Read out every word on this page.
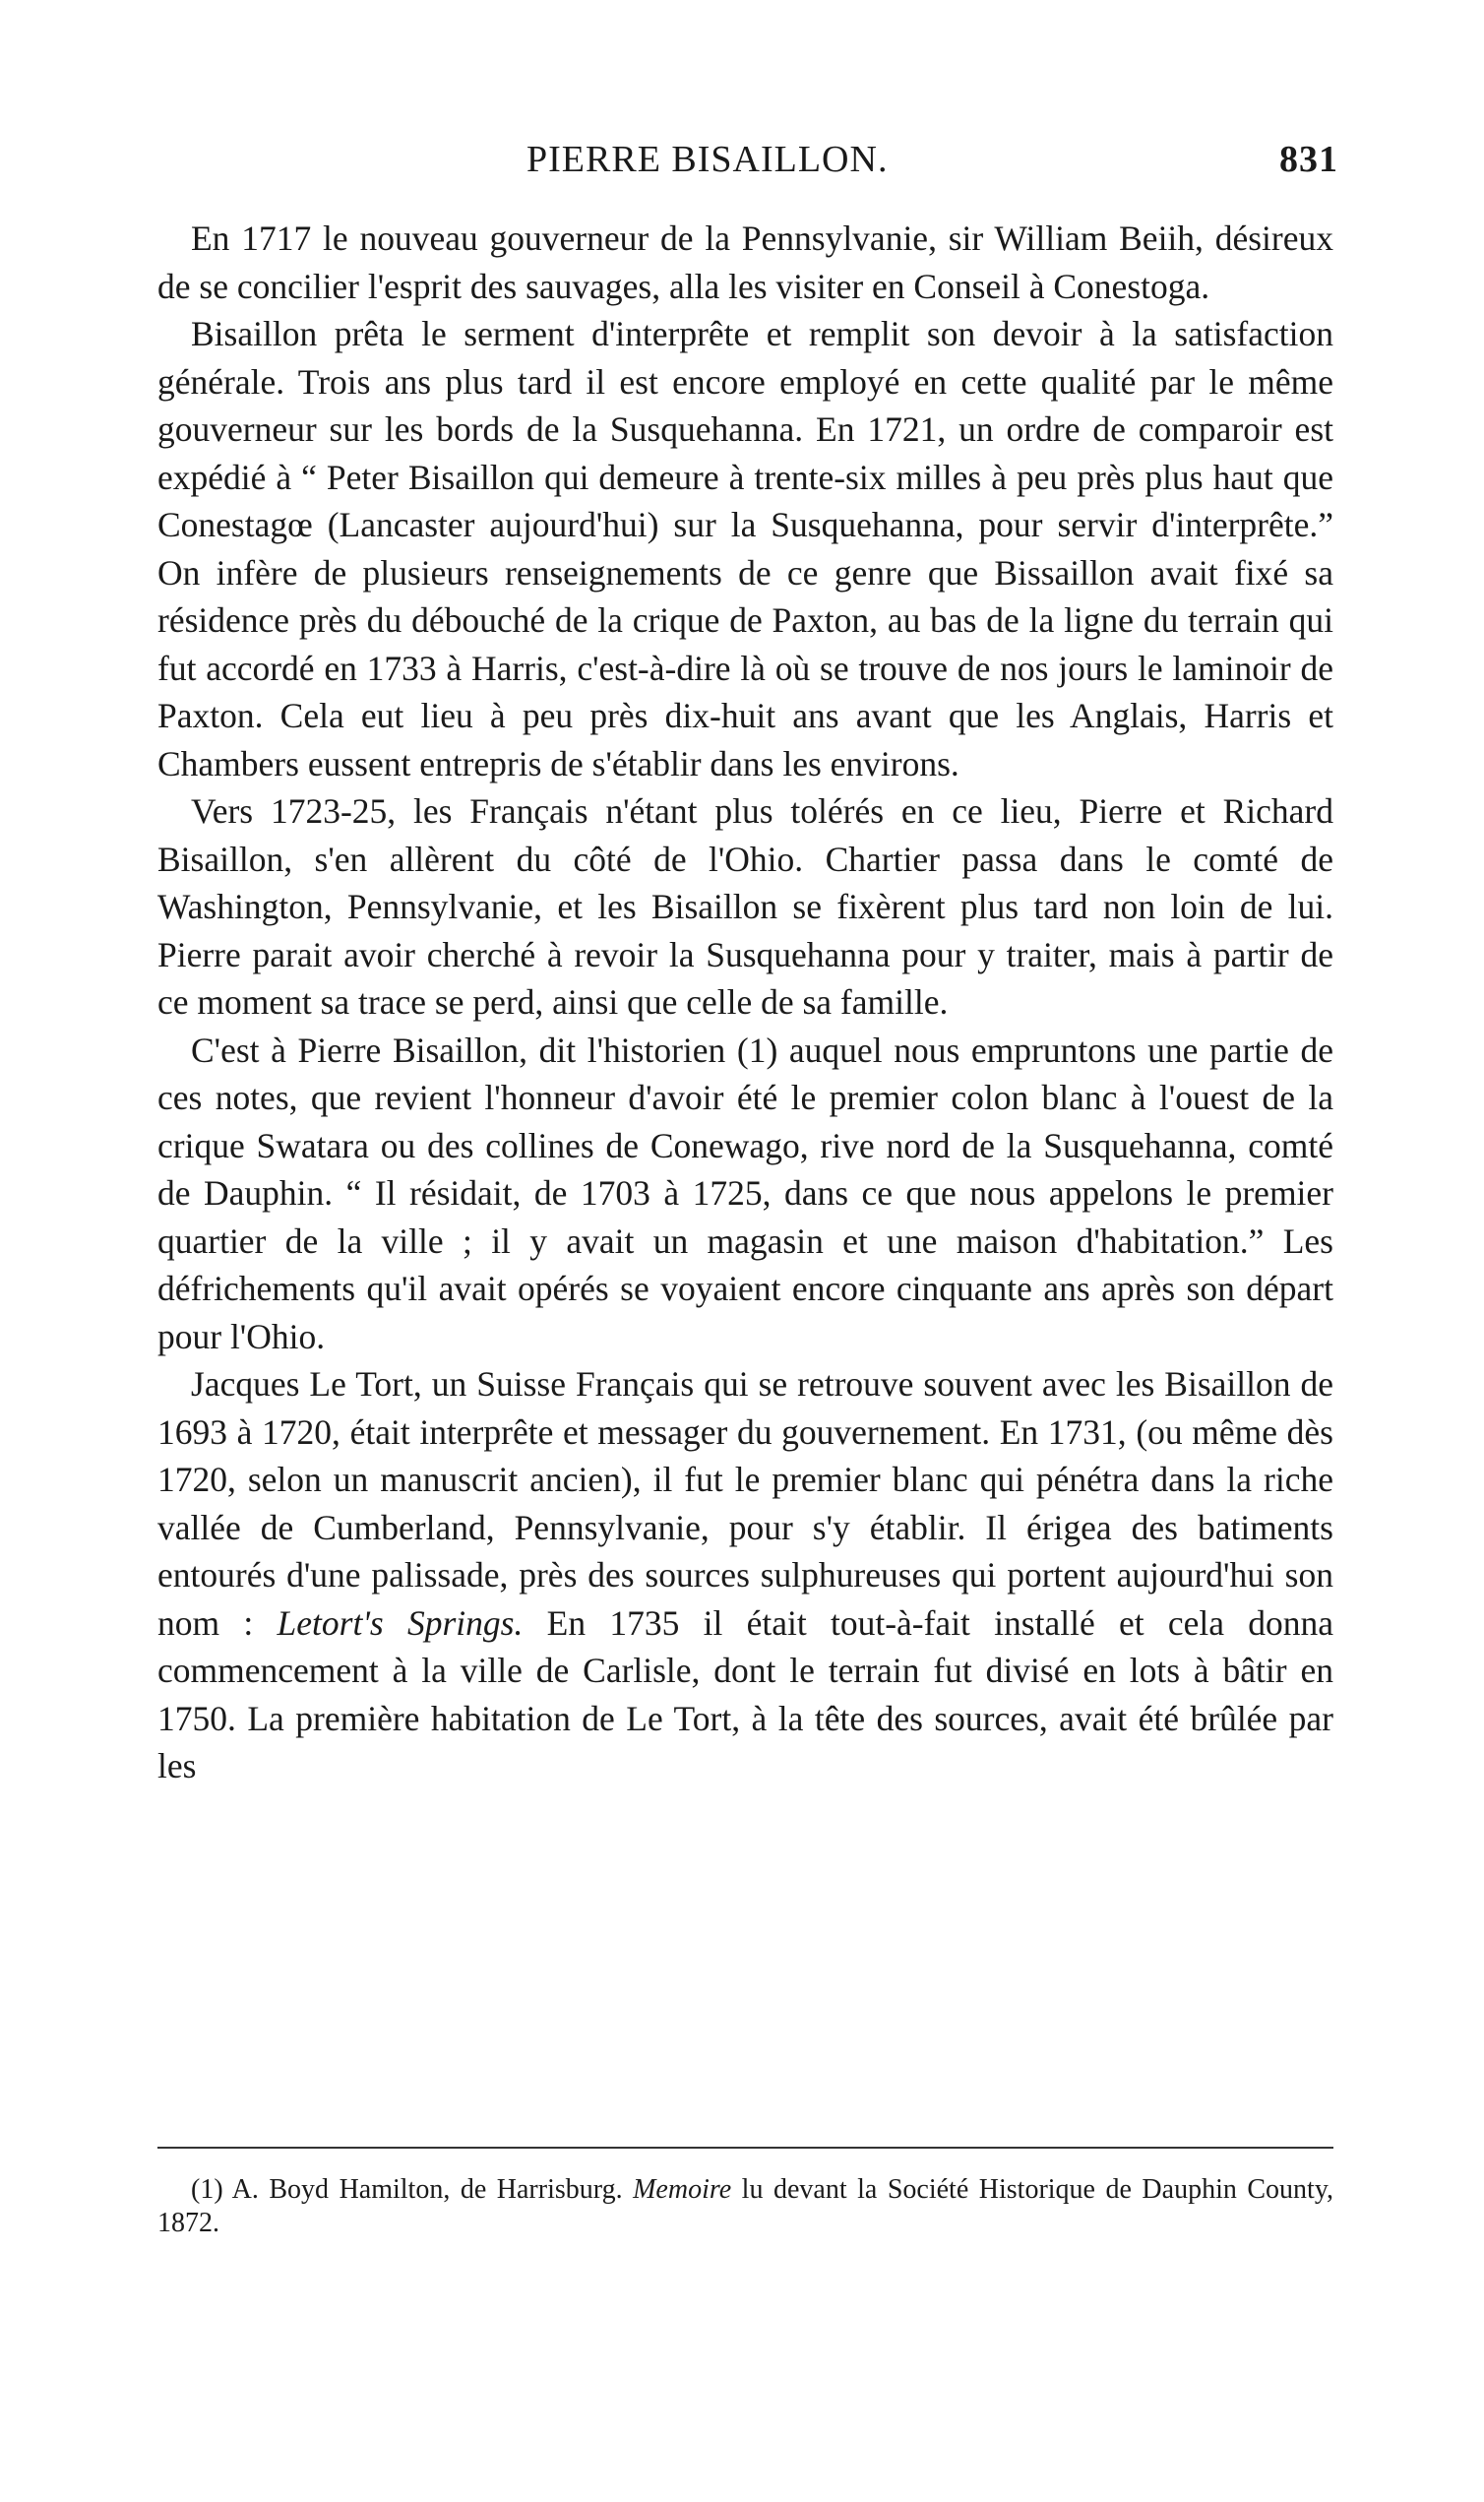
PIERRE BISAILLON.	831

En 1717 le nouveau gouverneur de la Pennsylvanie, sir William Beiih, désireux de se concilier l'esprit des sauvages, alla les visiter en Conseil à Conestoga.

Bisaillon prêta le serment d'interprête et remplit son devoir à la satisfaction générale. Trois ans plus tard il est encore employé en cette qualité par le même gouverneur sur les bords de la Susquehanna. En 1721, un ordre de comparoir est expédié à “ Peter Bisaillon qui demeure à trente-six milles à peu près plus haut que Conestagœ (Lancaster aujourd'hui) sur la Susquehanna, pour servir d'interprête.” On infère de plusieurs renseignements de ce genre que Bissaillon avait fixé sa résidence près du débouché de la crique de Paxton, au bas de la ligne du terrain qui fut accordé en 1733 à Harris, c'est-à-dire là où se trouve de nos jours le laminoir de Paxton. Cela eut lieu à peu près dix-huit ans avant que les Anglais, Harris et Chambers eussent entrepris de s'établir dans les environs.

Vers 1723-25, les Français n'étant plus tolérés en ce lieu, Pierre et Richard Bisaillon, s'en allèrent du côté de l'Ohio. Chartier passa dans le comté de Washington, Pennsylvanie, et les Bisaillon se fixèrent plus tard non loin de lui. Pierre parait avoir cherché à revoir la Susquehanna pour y traiter, mais à partir de ce moment sa trace se perd, ainsi que celle de sa famille.

C'est à Pierre Bisaillon, dit l'historien (1) auquel nous empruntons une partie de ces notes, que revient l'honneur d'avoir été le premier colon blanc à l'ouest de la crique Swatara ou des collines de Conewago, rive nord de la Susquehanna, comté de Dauphin. “ Il résidait, de 1703 à 1725, dans ce que nous appelons le premier quartier de la ville ; il y avait un magasin et une maison d'habitation.” Les défrichements qu'il avait opérés se voyaient encore cinquante ans après son départ pour l'Ohio.

Jacques Le Tort, un Suisse Français qui se retrouve souvent avec les Bisaillon de 1693 à 1720, était interprête et messager du gouvernement. En 1731, (ou même dès 1720, selon un manuscrit ancien), il fut le premier blanc qui pénétra dans la riche vallée de Cumberland, Pennsylvanie, pour s'y établir. Il érigea des batiments entourés d'une palissade, près des sources sulphureuses qui portent aujourd'hui son nom : Letort's Springs. En 1735 il était tout-à-fait installé et cela donna commencement à la ville de Carlisle, dont le terrain fut divisé en lots à bâtir en 1750. La première habitation de Le Tort, à la tête des sources, avait été brûlée par les

(1) A. Boyd Hamilton, de Harrisburg. Memoire lu devant la Société Historique de Dauphin County, 1872.
